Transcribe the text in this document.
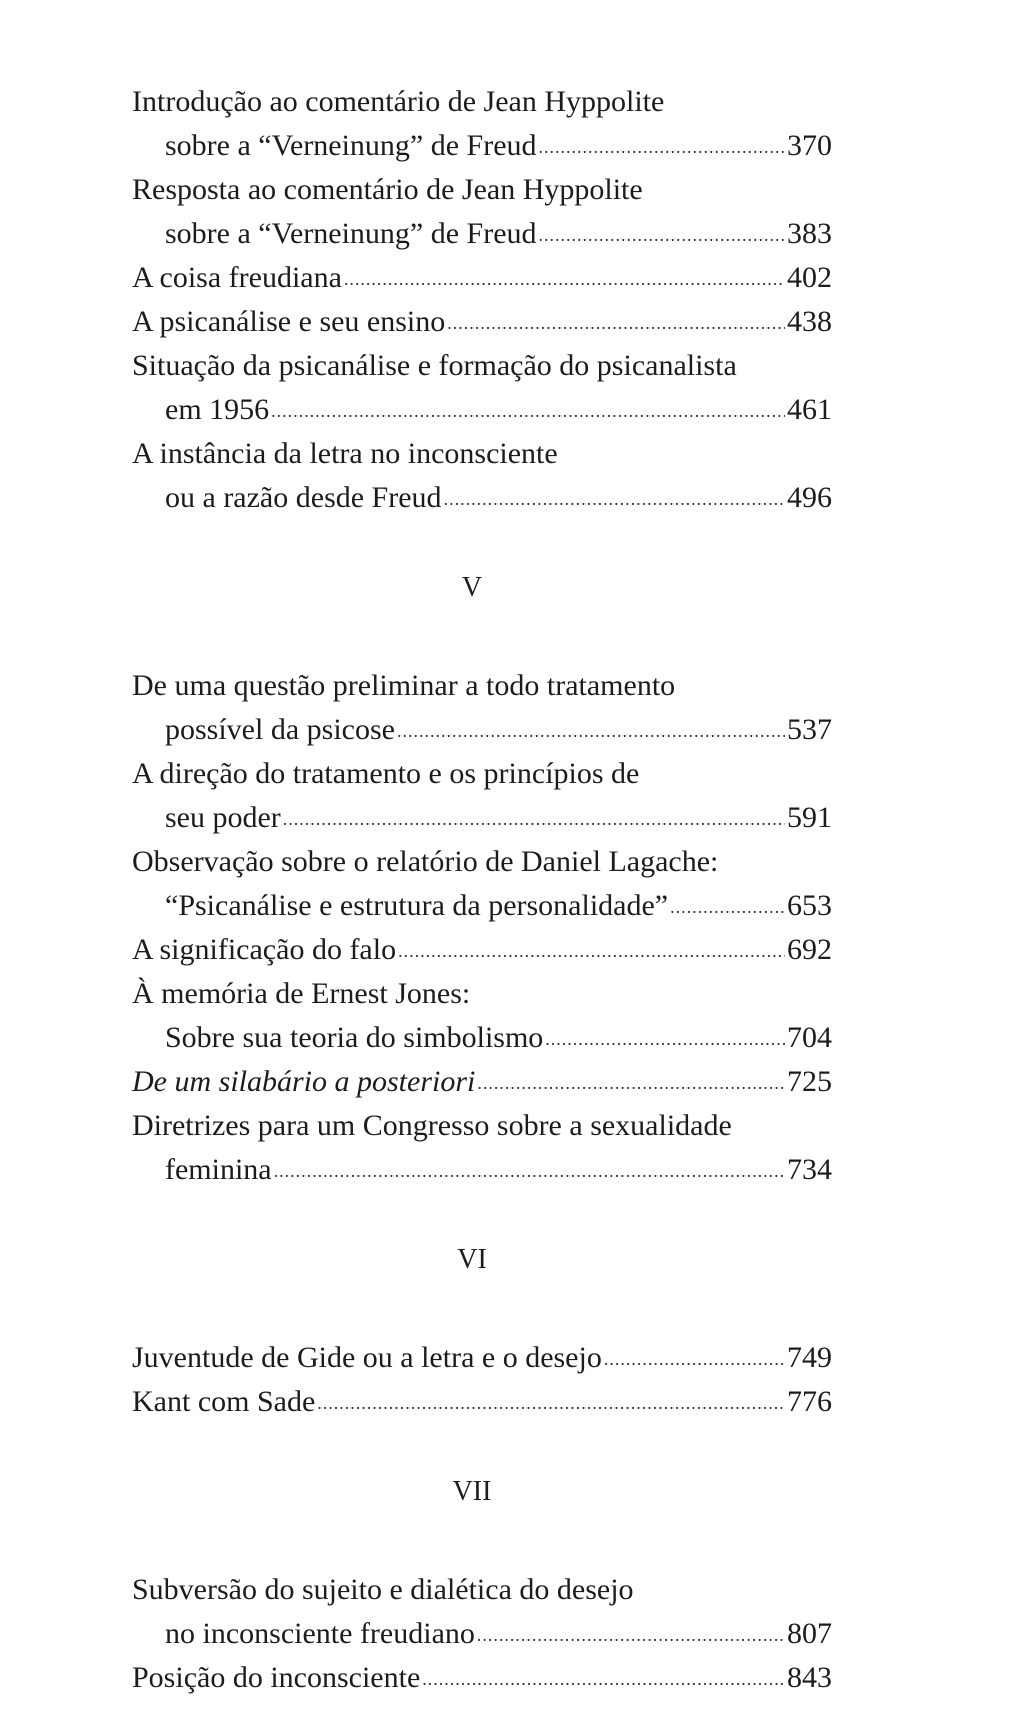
Introdução ao comentário de Jean Hyppolite
sobre a “Verneinung” de Freud .....	370
Resposta ao comentário de Jean Hyppolite
sobre a “Verneinung” de Freud .....	383
A coisa freudiana .....	402
A psicanálise e seu ensino .....	438
Situação da psicanálise e formação do psicanalista
em 1956 .....	461
A instância da letra no inconsciente
ou a razão desde Freud .....	496
V
De uma questão preliminar a todo tratamento
possível da psicose .....	537
A direção do tratamento e os princípios de
seu poder .....	591
Observação sobre o relatório de Daniel Lagache:
“Psicanálise e estrutura da personalidade” .....	653
A significação do falo .....	692
À memória de Ernest Jones:
Sobre sua teoria do simbolismo .....	704
De um silabário a posteriori .....	725
Diretrizes para um Congresso sobre a sexualidade
feminina .....	734
VI
Juventude de Gide ou a letra e o desejo .....	749
Kant com Sade .....	776
VII
Subversão do sujeito e dialética do desejo
no inconsciente freudiano .....	807
Posição do inconsciente .....	843
